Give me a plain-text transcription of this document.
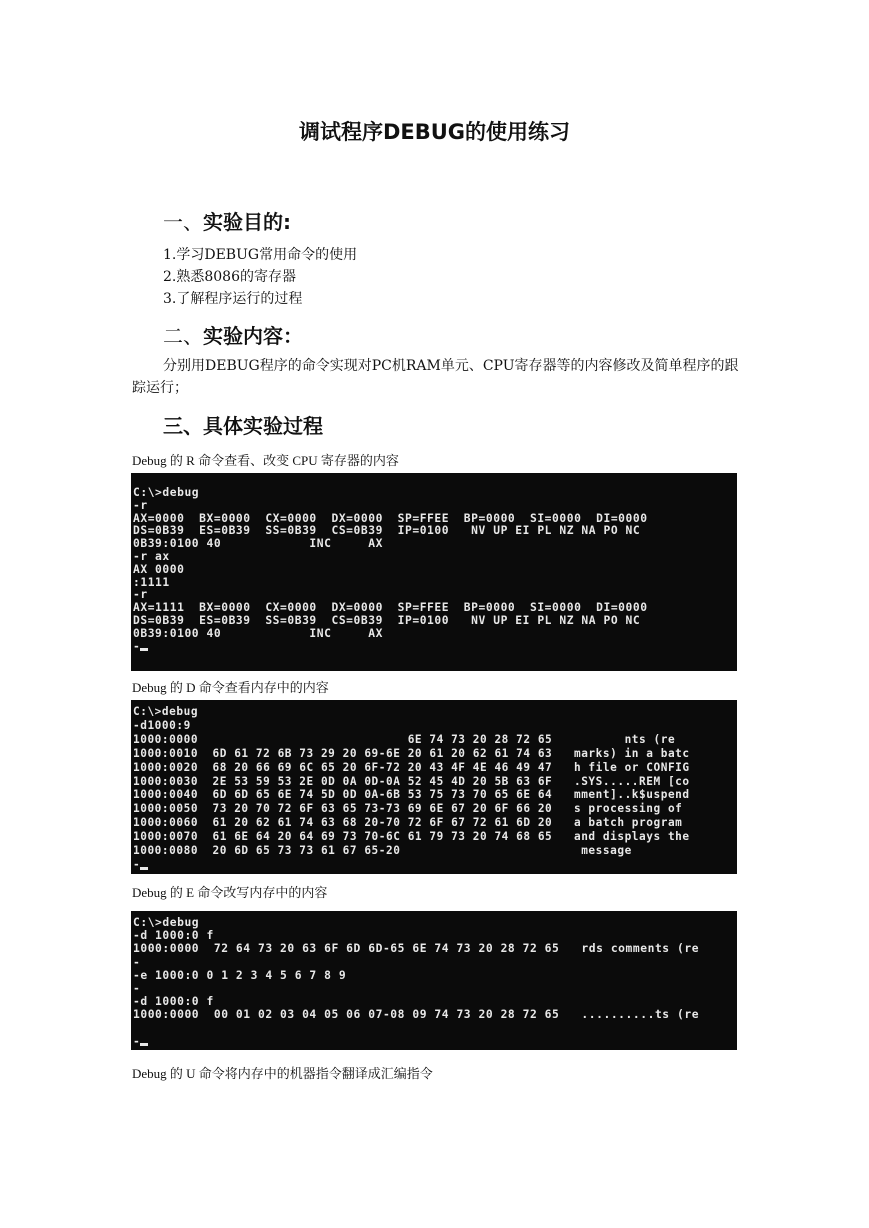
调试程序DEBUG的使用练习
一、实验目的:
1.学习DEBUG常用命令的使用
2.熟悉8086的寄存器
3.了解程序运行的过程
二、实验内容：
分别用DEBUG程序的命令实现对PC机RAM单元、CPU寄存器等的内容修改及简单程序的跟踪运行；
三、具体实验过程
Debug 的 R 命令查看、改变 CPU 寄存器的内容
C:\>debug
-r
AX=0000  BX=0000  CX=0000  DX=0000  SP=FFEE  BP=0000  SI=0000  DI=0000
DS=0B39  ES=0B39  SS=0B39  CS=0B39  IP=0100   NV UP EI PL NZ NA PO NC
0B39:0100 40            INC     AX
-r ax
AX 0000
:1111
-r
AX=1111  BX=0000  CX=0000  DX=0000  SP=FFEE  BP=0000  SI=0000  DI=0000
DS=0B39  ES=0B39  SS=0B39  CS=0B39  IP=0100   NV UP EI PL NZ NA PO NC
0B39:0100 40            INC     AX
-
Debug 的 D 命令查看内存中的内容
C:\>debug
-d1000:9
1000:0000                             6E 74 73 20 28 72 65          nts (re
1000:0010  6D 61 72 6B 73 29 20 69-6E 20 61 20 62 61 74 63   marks) in a batc
1000:0020  68 20 66 69 6C 65 20 6F-72 20 43 4F 4E 46 49 47   h file or CONFIG
1000:0030  2E 53 59 53 2E 0D 0A 0D-0A 52 45 4D 20 5B 63 6F   .SYS.....REM [co
1000:0040  6D 6D 65 6E 74 5D 0D 0A-6B 53 75 73 70 65 6E 64   mment]..k$uspend
1000:0050  73 20 70 72 6F 63 65 73-73 69 6E 67 20 6F 66 20   s processing of
1000:0060  61 20 62 61 74 63 68 20-70 72 6F 67 72 61 6D 20   a batch program
1000:0070  61 6E 64 20 64 69 73 70-6C 61 79 73 20 74 68 65   and displays the
1000:0080  20 6D 65 73 73 61 67 65-20                         message
-
Debug 的 E 命令改写内存中的内容
C:\>debug
-d 1000:0 f
1000:0000  72 64 73 20 63 6F 6D 6D-65 6E 74 73 20 28 72 65   rds comments (re
-
-e 1000:0 0 1 2 3 4 5 6 7 8 9
-
-d 1000:0 f
1000:0000  00 01 02 03 04 05 06 07-08 09 74 73 20 28 72 65   ..........ts (re

-
Debug 的 U 命令将内存中的机器指令翻译成汇编指令
